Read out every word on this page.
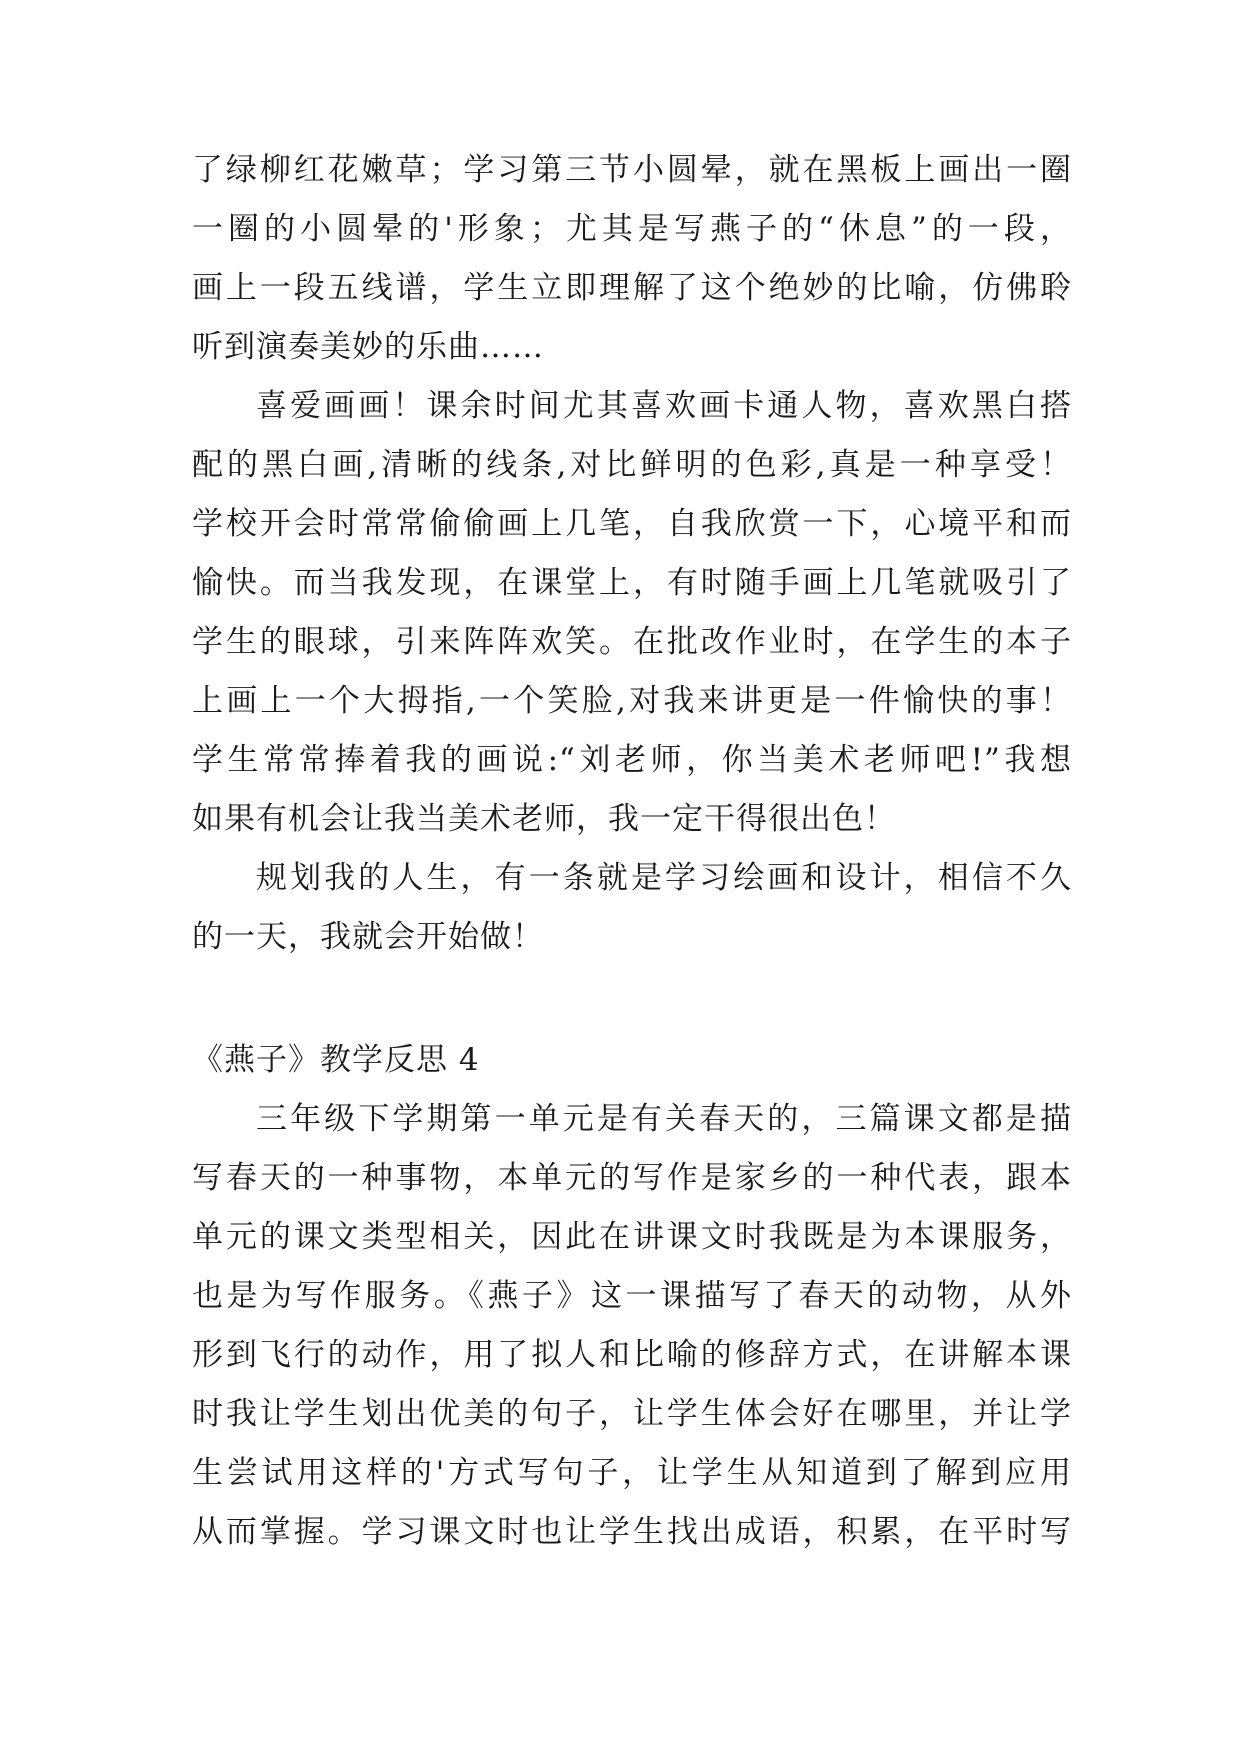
了绿柳红花嫩草；学习第三节小圆晕，就在黑板上画出一圈
一圈的小圆晕的'形象；尤其是写燕子的“休息”的一段，
画上一段五线谱，学生立即理解了这个绝妙的比喻，仿佛聆
听到演奏美妙的乐曲……
喜爱画画！课余时间尤其喜欢画卡通人物，喜欢黑白搭
配的黑白画,清晰的线条,对比鲜明的色彩,真是一种享受！
学校开会时常常偷偷画上几笔，自我欣赏一下，心境平和而
愉快。而当我发现，在课堂上，有时随手画上几笔就吸引了
学生的眼球，引来阵阵欢笑。在批改作业时，在学生的本子
上画上一个大拇指,一个笑脸,对我来讲更是一件愉快的事！
学生常常捧着我的画说:“刘老师，你当美术老师吧!”我想
如果有机会让我当美术老师，我一定干得很出色！
规划我的人生，有一条就是学习绘画和设计，相信不久
的一天，我就会开始做！
《燕子》教学反思 4
三年级下学期第一单元是有关春天的，三篇课文都是描
写春天的一种事物，本单元的写作是家乡的一种代表，跟本
单元的课文类型相关，因此在讲课文时我既是为本课服务，
也是为写作服务。《燕子》这一课描写了春天的动物，从外
形到飞行的动作，用了拟人和比喻的修辞方式，在讲解本课
时我让学生划出优美的句子，让学生体会好在哪里，并让学
生尝试用这样的'方式写句子，让学生从知道到了解到应用
从而掌握。学习课文时也让学生找出成语，积累，在平时写
